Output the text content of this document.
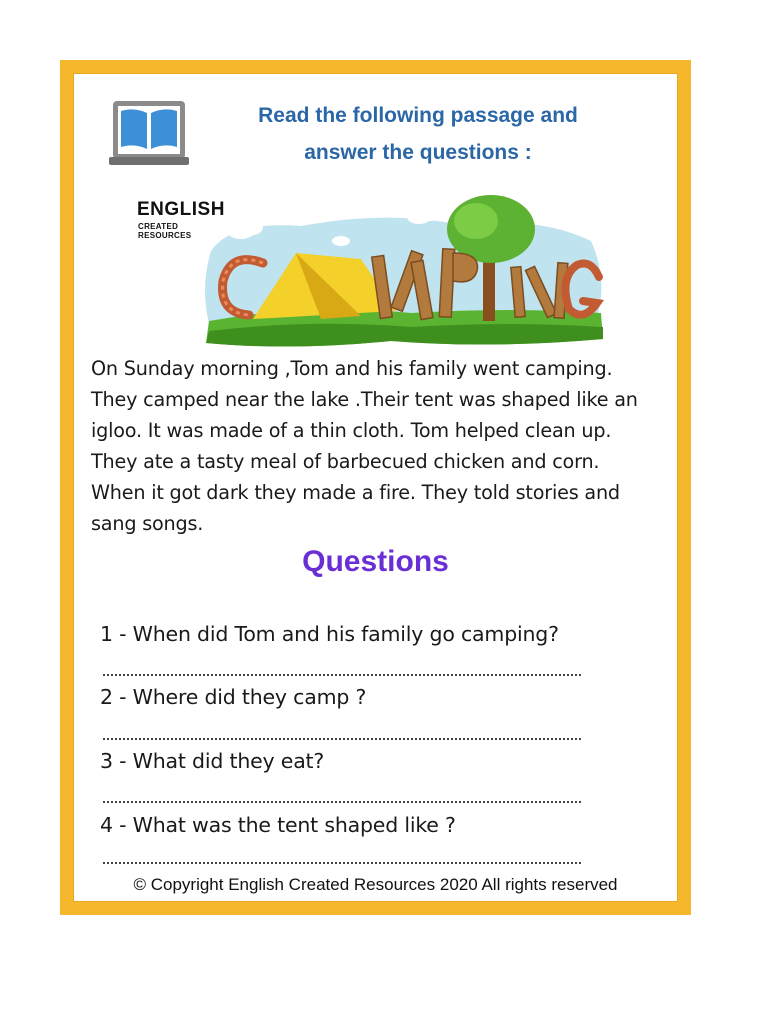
ENGLISH
CREATED RESOURCES
Read the following passage and
answer the questions :
On Sunday morning ,Tom and his family went camping.
They camped near the lake .Their tent was shaped like an
igloo. It was made of a thin cloth. Tom helped clean up.
They ate a tasty meal of barbecued chicken and corn.
When it got dark they made a fire. They told stories and
sang songs.
Questions
1 - When did Tom and his family go camping?
2 - Where did they camp ?
3 - What did they eat?
4 - What was the tent shaped like ?
© Copyright English Created Resources 2020 All rights reserved
